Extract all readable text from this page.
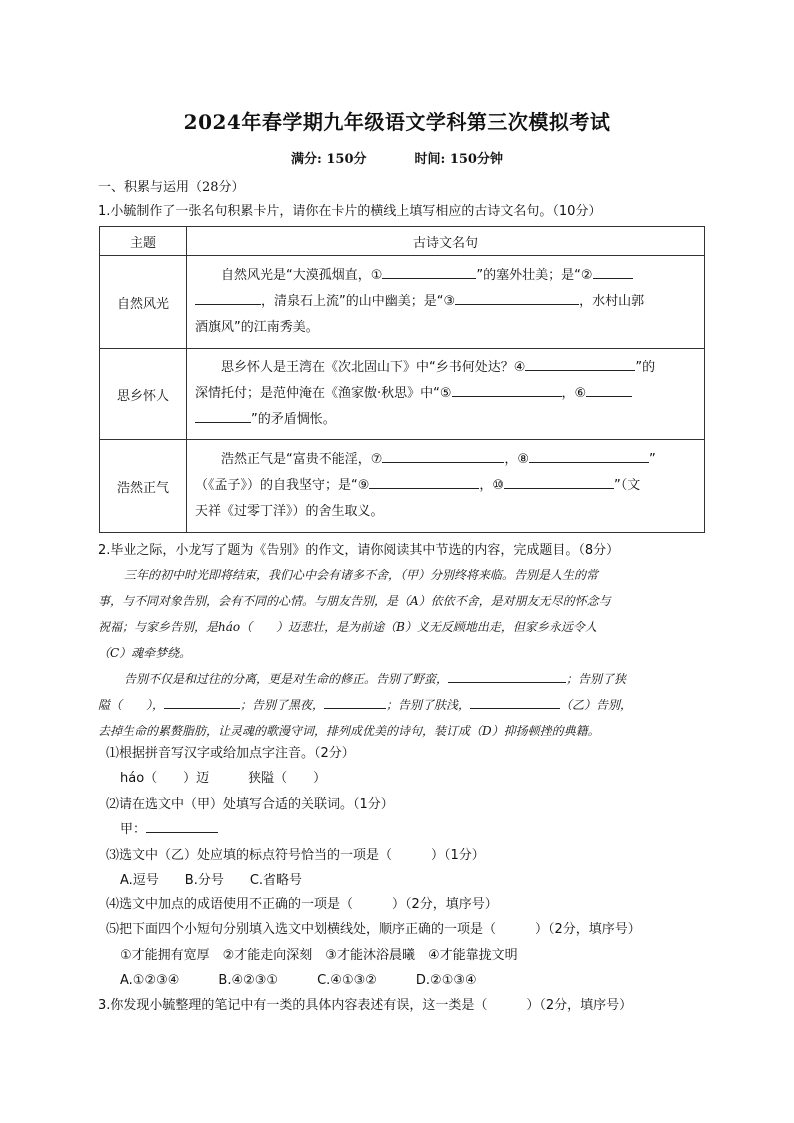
2024年春学期九年级语文学科第三次模拟考试
满分: 150分	时间: 150分钟
一、积累与运用（28分）
1.小毓制作了一张名句积累卡片，请你在卡片的横线上填写相应的古诗文名句。（10分）
主题	古诗文名句
自然风光	自然风光是“大漠孤烟直，① ”的塞外壮美；是“②
，清泉石上流”的山中幽美；是“③ ，水村山郭
酒旗风”的江南秀美。

思乡怀人	思乡怀人是王湾在《次北固山下》中“乡书何处达？④ ”的
深情托付；是范仲淹在《渔家傲·秋思》中“⑤ ，⑥
”的矛盾惆怅。

浩然正气	浩然正气是“富贵不能淫，⑦ ，⑧ ”
（《孟子》）的自我坚守；是“⑨ ，⑩ ”（文
天祥《过零丁洋》）的舍生取义。
2.毕业之际，小龙写了题为《告别》的作文，请你阅读其中节选的内容，完成题目。（8分）

三年的初中时光即将结束，我们心中会有诸多不舍，（甲）分别终将来临。告别是人生的常

事，与不同对象告别，会有不同的心情。与朋友告别，是（A）依依不舍，是对朋友无尽的怀念与

祝福；与家乡告别，是háo（　　）迈悲壮，是为前途（B）义无反顾地出走，但家乡永远令人

（C）魂牵梦绕。

告别不仅是和过往的分离，更是对生命的修正。告别了野蛮，	；告别了狭

隘（　　），	；告别了黑夜，	；告别了肤浅，	（乙）告别，

去掉生命的累赘脂肪，让灵魂的歌漫守词，排列成优美的诗句，装订成（D）抑扬顿挫的典籍。

⑴根据拼音写汉字或给加点字注音。（2分）
háo（　　）迈　　　狭隘（　　）
⑵请在选文中（甲）处填写合适的关联词。（1分）
甲：
⑶选文中（乙）处应填的标点符号恰当的一项是（　　　）（1分）
A.逗号　　B.分号　　C.省略号
⑷选文中加点的成语使用不正确的一项是（　　　）（2分，填序号）
⑸把下面四个小短句分别填入选文中划横线处，顺序正确的一项是（　　　）（2分，填序号）
①才能拥有宽厚　②才能走向深刻　③才能沐浴晨曦　④才能靠拢文明
A.①②③④　　　B.④②③①　　　C.④①③②　　　D.②①③④
3.你发现小毓整理的笔记中有一类的具体内容表述有误，这一类是（　　　）（2分，填序号）
